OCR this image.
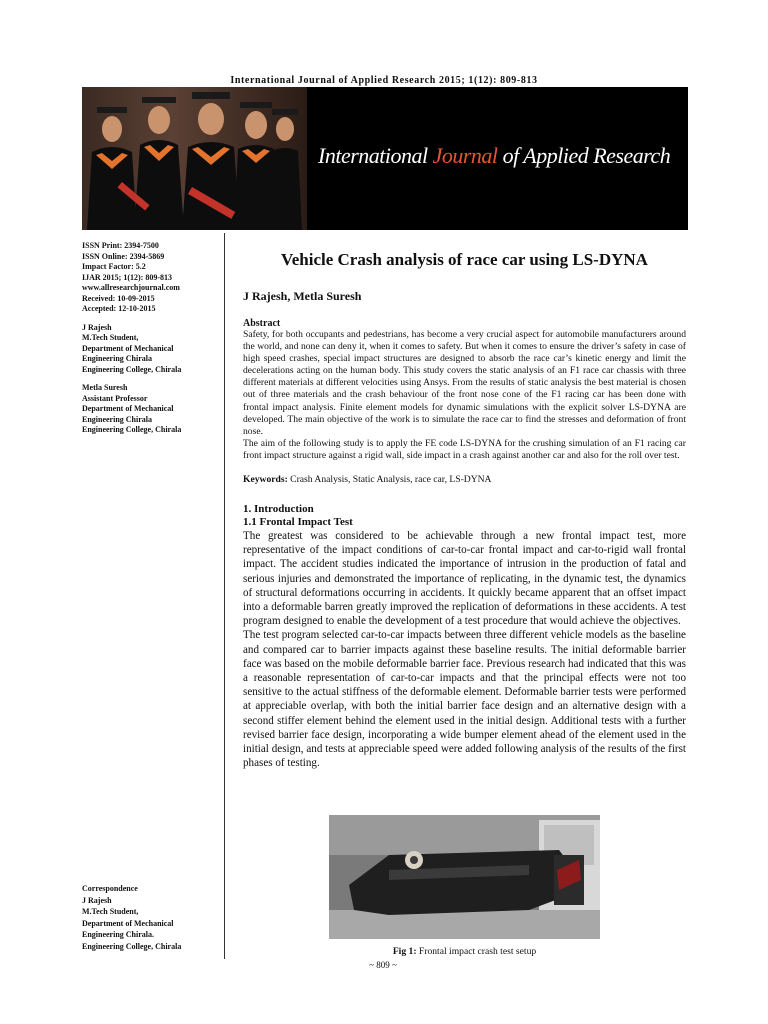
International Journal of Applied Research 2015; 1(12): 809-813
International Journal of Applied Research
ISSN Print: 2394-7500
ISSN Online: 2394-5869
Impact Factor: 5.2
IJAR 2015; 1(12): 809-813
www.allresearchjournal.com
Received: 10-09-2015
Accepted: 12-10-2015
J Rajesh
M.Tech Student,
Department of Mechanical
Engineering Chirala
Engineering College, Chirala
Metla Suresh
Assistant Professor
Department of Mechanical
Engineering Chirala
Engineering College, Chirala
Correspondence
J Rajesh
M.Tech Student,
Department of Mechanical
Engineering Chirala.
Engineering College, Chirala
Vehicle Crash analysis of race car using LS-DYNA
J Rajesh, Metla Suresh
Abstract

Safety, for both occupants and pedestrians, has become a very crucial aspect for automobile manufacturers around the world, and none can deny it, when it comes to safety. But when it comes to ensure the driver’s safety in case of high speed crashes, special impact structures are designed to absorb the race car’s kinetic energy and limit the decelerations acting on the human body. This study covers the static analysis of an F1 race car chassis with three different materials at different velocities using Ansys. From the results of static analysis the best material is chosen out of three materials and the crash behaviour of the front nose cone of the F1 racing car has been done with frontal impact analysis. Finite element models for dynamic simulations with the explicit solver LS-DYNA are developed. The main objective of the work is to simulate the race car to find the stresses and deformation of front nose.

The aim of the following study is to apply the FE code LS-DYNA for the crushing simulation of an F1 racing car front impact structure against a rigid wall, side impact in a crash against another car and also for the roll over test.

Keywords: Crash Analysis, Static Analysis, race car, LS-DYNA
1. Introduction
1.1 Frontal Impact Test

The greatest was considered to be achievable through a new frontal impact test, more representative of the impact conditions of car-to-car frontal impact and car-to-rigid wall frontal impact. The accident studies indicated the importance of intrusion in the production of fatal and serious injuries and demonstrated the importance of replicating, in the dynamic test, the dynamics of structural deformations occurring in accidents. It quickly became apparent that an offset impact into a deformable barren greatly improved the replication of deformations in these accidents. A test program designed to enable the development of a test procedure that would achieve the objectives.

The test program selected car-to-car impacts between three different vehicle models as the baseline and compared car to barrier impacts against these baseline results. The initial deformable barrier face was based on the mobile deformable barrier face. Previous research had indicated that this was a reasonable representation of car-to-car impacts and that the principal effects were not too sensitive to the actual stiffness of the deformable element. Deformable barrier tests were performed at appreciable overlap, with both the initial barrier face design and an alternative design with a second stiffer element behind the element used in the initial design. Additional tests with a further revised barrier face design, incorporating a wide bumper element ahead of the element used in the initial design, and tests at appreciable speed were added following analysis of the results of the first phases of testing.

Fig 1: Frontal impact crash test setup
~ 809 ~
